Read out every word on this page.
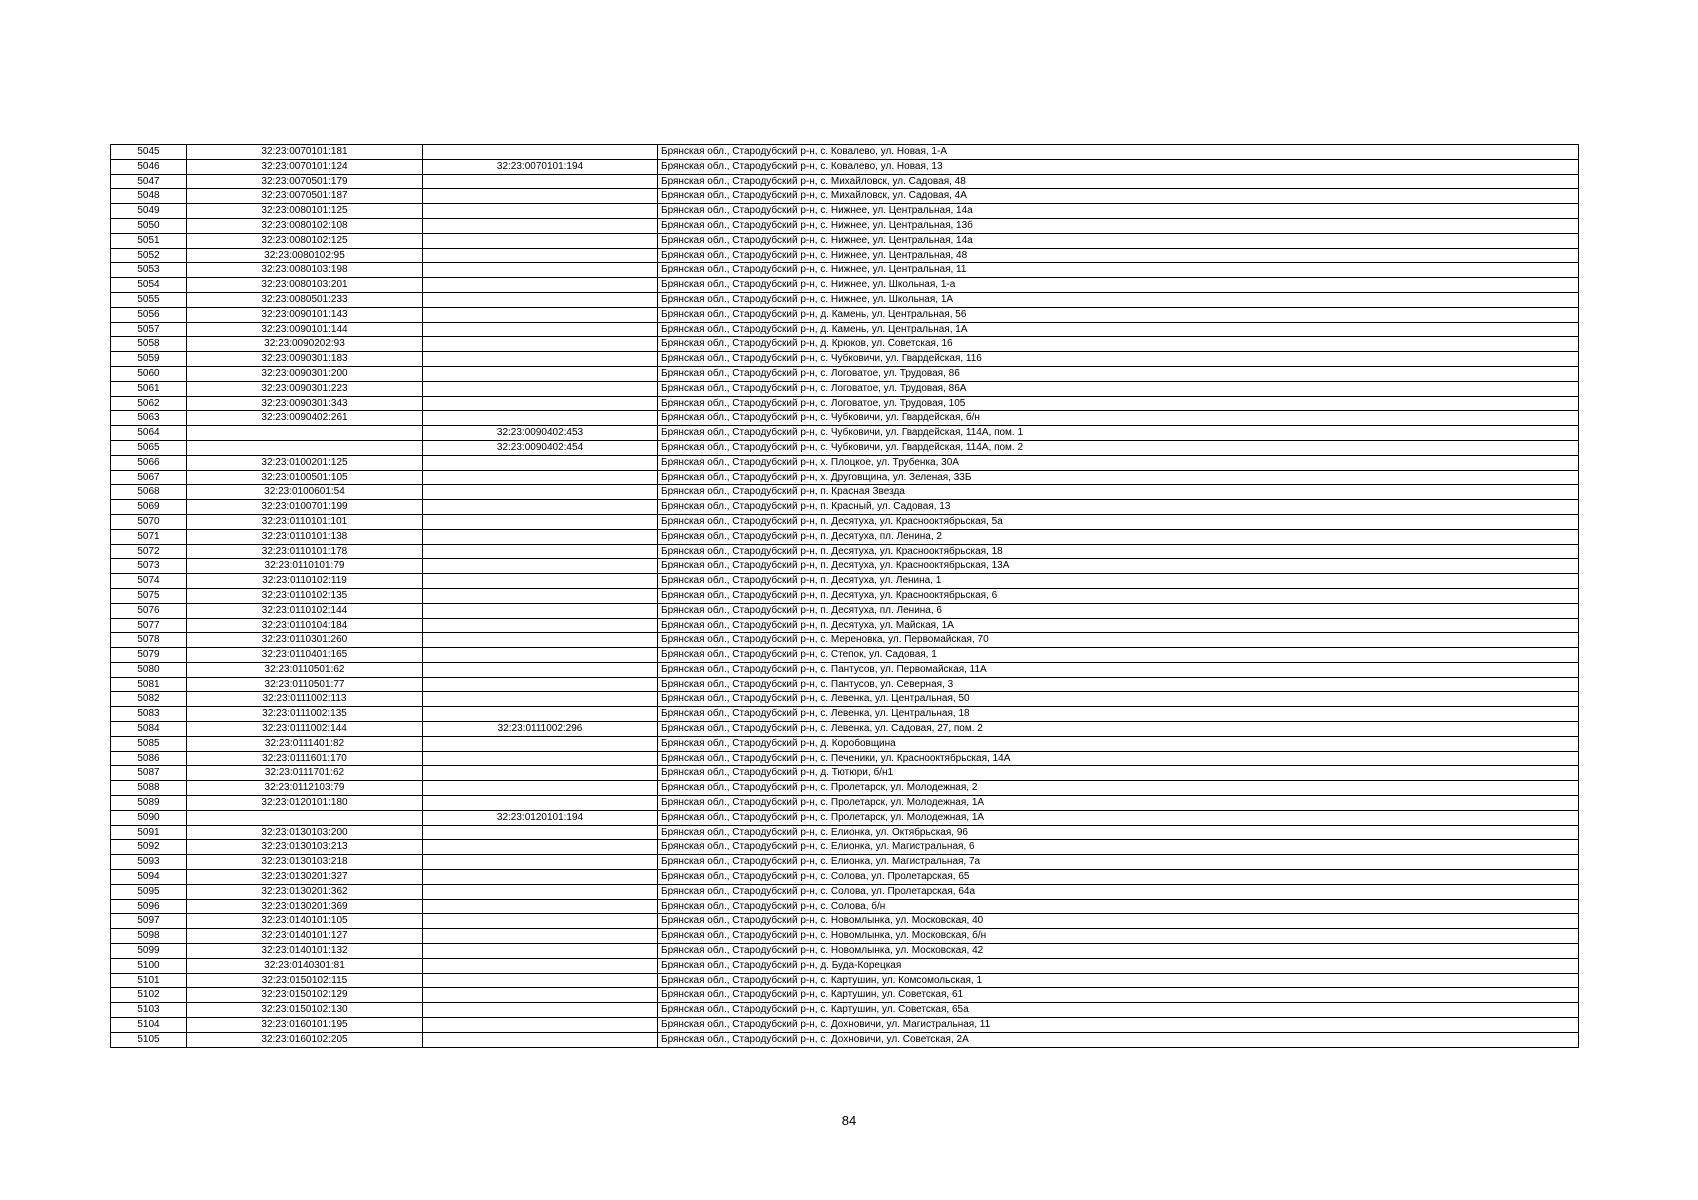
5045	32:23:0070101:181		Брянская обл., Стародубский р-н, с. Ковалево, ул. Новая, 1-А
5046	32:23:0070101:124	32:23:0070101:194	Брянская обл., Стародубский р-н, с. Ковалево, ул. Новая, 13
5047	32:23:0070501:179		Брянская обл., Стародубский р-н, с. Михайловск, ул. Садовая, 48
5048	32:23:0070501:187		Брянская обл., Стародубский р-н, с. Михайловск, ул. Садовая, 4А
5049	32:23:0080101:125		Брянская обл., Стародубский р-н, с. Нижнее, ул. Центральная, 14а
5050	32:23:0080102:108		Брянская обл., Стародубский р-н, с. Нижнее, ул. Центральная, 13б
5051	32:23:0080102:125		Брянская обл., Стародубский р-н, с. Нижнее, ул. Центральная, 14а
5052	32:23:0080102:95		Брянская обл., Стародубский р-н, с. Нижнее, ул. Центральная, 48
5053	32:23:0080103:198		Брянская обл., Стародубский р-н, с. Нижнее, ул. Центральная, 11
5054	32:23:0080103:201		Брянская обл., Стародубский р-н, с. Нижнее, ул. Школьная, 1-а
5055	32:23:0080501:233		Брянская обл., Стародубский р-н, с. Нижнее, ул. Школьная, 1А
5056	32:23:0090101:143		Брянская обл., Стародубский р-н, д. Камень, ул. Центральная, 56
5057	32:23:0090101:144		Брянская обл., Стародубский р-н, д. Камень, ул. Центральная, 1А
5058	32:23:0090202:93		Брянская обл., Стародубский р-н, д. Крюков, ул. Советская, 16
5059	32:23:0090301:183		Брянская обл., Стародубский р-н, с. Чубковичи, ул. Гвардейская, 116
5060	32:23:0090301:200		Брянская обл., Стародубский р-н, с. Логоватое, ул. Трудовая, 86
5061	32:23:0090301:223		Брянская обл., Стародубский р-н, с. Логоватое, ул. Трудовая, 86А
5062	32:23:0090301:343		Брянская обл., Стародубский р-н, с. Логоватое, ул. Трудовая, 105
5063	32:23:0090402:261		Брянская обл., Стародубский р-н, с. Чубковичи, ул. Гвардейская, б/н
5064		32:23:0090402:453	Брянская обл., Стародубский р-н, с. Чубковичи, ул. Гвардейская, 114А, пом. 1
5065		32:23:0090402:454	Брянская обл., Стародубский р-н, с. Чубковичи, ул. Гвардейская, 114А, пом. 2
5066	32:23:0100201:125		Брянская обл., Стародубский р-н, х. Плоцкое, ул. Трубенка, 30А
5067	32:23:0100501:105		Брянская обл., Стародубский р-н, х. Друговщина, ул. Зеленая, 33Б
5068	32:23:0100601:54		Брянская обл., Стародубский р-н, п. Красная Звезда
5069	32:23:0100701:199		Брянская обл., Стародубский р-н, п. Красный, ул. Садовая, 13
5070	32:23:0110101:101		Брянская обл., Стародубский р-н, п. Десятуха, ул. Краснооктябрьская, 5а
5071	32:23:0110101:138		Брянская обл., Стародубский р-н, п. Десятуха, пл. Ленина, 2
5072	32:23:0110101:178		Брянская обл., Стародубский р-н, п. Десятуха, ул. Краснооктябрьская, 18
5073	32:23:0110101:79		Брянская обл., Стародубский р-н, п. Десятуха, ул. Краснооктябрьская, 13А
5074	32:23:0110102:119		Брянская обл., Стародубский р-н, п. Десятуха, ул. Ленина, 1
5075	32:23:0110102:135		Брянская обл., Стародубский р-н, п. Десятуха, ул. Краснооктябрьская, 6
5076	32:23:0110102:144		Брянская обл., Стародубский р-н, п. Десятуха, пл. Ленина, 6
5077	32:23:0110104:184		Брянская обл., Стародубский р-н, п. Десятуха, ул. Майская, 1А
5078	32:23:0110301:260		Брянская обл., Стародубский р-н, с. Мереновка, ул. Первомайская, 70
5079	32:23:0110401:165		Брянская обл., Стародубский р-н, с. Степок, ул. Садовая, 1
5080	32:23:0110501:62		Брянская обл., Стародубский р-н, с. Пантусов, ул. Первомайская, 11А
5081	32:23:0110501:77		Брянская обл., Стародубский р-н, с. Пантусов, ул. Северная, 3
5082	32:23:0111002:113		Брянская обл., Стародубский р-н, с. Левенка, ул. Центральная, 50
5083	32:23:0111002:135		Брянская обл., Стародубский р-н, с. Левенка, ул. Центральная, 18
5084	32:23:0111002:144	32:23:0111002:296	Брянская обл., Стародубский р-н, с. Левенка, ул. Садовая, 27, пом. 2
5085	32:23:0111401:82		Брянская обл., Стародубский р-н, д. Коробовщина
5086	32:23:0111601:170		Брянская обл., Стародубский р-н, с. Печеники, ул. Краснооктябрьская, 14А
5087	32:23:0111701:62		Брянская обл., Стародубский р-н, д. Тютюри, б/н1
5088	32:23:0112103:79		Брянская обл., Стародубский р-н, с. Пролетарск, ул. Молодежная, 2
5089	32:23:0120101:180		Брянская обл., Стародубский р-н, с. Пролетарск, ул. Молодежная, 1А
5090		32:23:0120101:194	Брянская обл., Стародубский р-н, с. Пролетарск, ул. Молодежная, 1А
5091	32:23:0130103:200		Брянская обл., Стародубский р-н, с. Елионка, ул. Октябрьская, 96
5092	32:23:0130103:213		Брянская обл., Стародубский р-н, с. Елионка, ул. Магистральная, 6
5093	32:23:0130103:218		Брянская обл., Стародубский р-н, с. Елионка, ул. Магистральная, 7а
5094	32:23:0130201:327		Брянская обл., Стародубский р-н, с. Солова, ул. Пролетарская, 65
5095	32:23:0130201:362		Брянская обл., Стародубский р-н, с. Солова, ул. Пролетарская, 64а
5096	32:23:0130201:369		Брянская обл., Стародубский р-н, с. Солова, б/н
5097	32:23:0140101:105		Брянская обл., Стародубский р-н, с. Новомлынка, ул. Московская, 40
5098	32:23:0140101:127		Брянская обл., Стародубский р-н, с. Новомлынка, ул. Московская, б/н
5099	32:23:0140101:132		Брянская обл., Стародубский р-н, с. Новомлынка, ул. Московская, 42
5100	32:23:0140301:81		Брянская обл., Стародубский р-н, д. Буда-Корецкая
5101	32:23:0150102:115		Брянская обл., Стародубский р-н, с. Картушин, ул. Комсомольская, 1
5102	32:23:0150102:129		Брянская обл., Стародубский р-н, с. Картушин, ул. Советская, 61
5103	32:23:0150102:130		Брянская обл., Стародубский р-н, с. Картушин, ул. Советская, 65а
5104	32:23:0160101:195		Брянская обл., Стародубский р-н, с. Дохновичи, ул. Магистральная, 11
5105	32:23:0160102:205		Брянская обл., Стародубский р-н, с. Дохновичи, ул. Советская, 2А
84
